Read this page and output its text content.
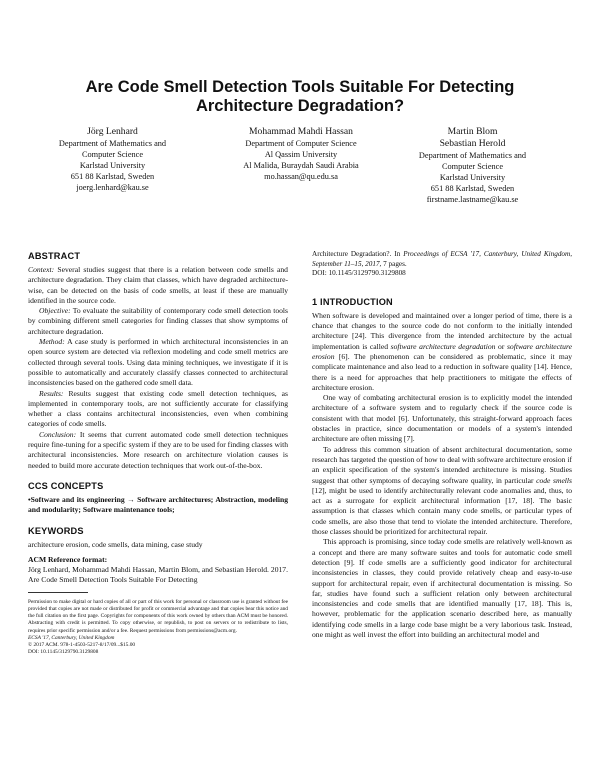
Are Code Smell Detection Tools Suitable For Detecting Architecture Degradation?
Jörg Lenhard
Department of Mathematics and
Computer Science
Karlstad University
651 88 Karlstad, Sweden
joerg.lenhard@kau.se
Mohammad Mahdi Hassan
Department of Computer Science
Al Qassim University
Al Malida, Buraydah Saudi Arabia
mo.hassan@qu.edu.sa
Martin Blom
Sebastian Herold
Department of Mathematics and
Computer Science
Karlstad University
651 88 Karlstad, Sweden
firstname.lastname@kau.se
ABSTRACT

Context: Several studies suggest that there is a relation between code smells and architecture degradation. They claim that classes, which have degraded architecture-wise, can be detected on the basis of code smells, at least if these are manually identified in the source code.

Objective: To evaluate the suitability of contemporary code smell detection tools by combining different smell categories for finding classes that show symptoms of architecture degradation.

Method: A case study is performed in which architectural inconsistencies in an open source system are detected via reflexion modeling and code smell metrics are collected through several tools. Using data mining techniques, we investigate if it is possible to automatically and accurately classify classes connected to architectural inconsistencies based on the gathered code smell data.

Results: Results suggest that existing code smell detection techniques, as implemented in contemporary tools, are not sufficiently accurate for classifying whether a class contains architectural inconsistencies, even when combining categories of code smells.

Conclusion: It seems that current automated code smell detection techniques require fine-tuning for a specific system if they are to be used for finding classes with architectural inconsistencies. More research on architecture violation causes is needed to build more accurate detection techniques that work out-of-the-box.

CCS CONCEPTS

•Software and its engineering → Software architectures; Abstraction, modeling and modularity; Software maintenance tools;

KEYWORDS

architecture erosion, code smells, data mining, case study

ACM Reference format:

Jörg Lenhard, Mohammad Mahdi Hassan, Martin Blom, and Sebastian Herold. 2017. Are Code Smell Detection Tools Suitable For Detecting

Permission to make digital or hard copies of all or part of this work for personal or classroom use is granted without fee provided that copies are not made or distributed for profit or commercial advantage and that copies bear this notice and the full citation on the first page. Copyrights for components of this work owned by others than ACM must be honored. Abstracting with credit is permitted. To copy otherwise, or republish, to post on servers or to redistribute to lists, requires prior specific permission and/or a fee. Request permissions from permissions@acm.org.

ECSA '17, Canterbury, United Kingdom

© 2017 ACM. 978-1-4503-5217-8/17/09...$15.00

DOI: 10.1145/3129790.3129808

Architecture Degradation?. In Proceedings of ECSA '17, Canterbury, United Kingdom, September 11–15, 2017, 7 pages.

DOI: 10.1145/3129790.3129808

1 INTRODUCTION

When software is developed and maintained over a longer period of time, there is a chance that changes to the source code do not conform to the initially intended architecture [24]. This divergence from the intended architecture by the actual implementation is called software architecture degradation or software architecture erosion [6]. The phenomenon can be considered as problematic, since it may complicate maintenance and also lead to a reduction in software quality [14]. Hence, there is a need for approaches that help practitioners to mitigate the effects of architecture erosion.

One way of combating architectural erosion is to explicitly model the intended architecture of a software system and to regularly check if the source code is consistent with that model [6]. Unfortunately, this straight-forward approach faces obstacles in practice, since documentation or models of a system's intended architecture are often missing [7].

To address this common situation of absent architectural documentation, some research has targeted the question of how to deal with software architecture erosion if an explicit specification of the system's intended architecture is missing. Studies suggest that other symptoms of decaying software quality, in particular code smells [12], might be used to identify architecturally relevant code anomalies and, thus, to act as a surrogate for explicit architectural information [17, 18]. The basic assumption is that classes which contain many code smells, or particular types of code smells, are also those that tend to violate the intended architecture. Therefore, those classes should be prioritized for architectural repair.

This approach is promising, since today code smells are relatively well-known as a concept and there are many software suites and tools for automatic code smell detection [9]. If code smells are a sufficiently good indicator for architectural inconsistencies in classes, they could provide relatively cheap and easy-to-use support for architectural repair, even if architectural documentation is missing. So far, studies have found such a sufficient relation only between architectural inconsistencies and code smells that are identified manually [17, 18]. This is, however, problematic for the application scenario described here, as manually identifying code smells in a large code base might be a very laborious task. Instead, one might as well invest the effort into building an architectural model and
